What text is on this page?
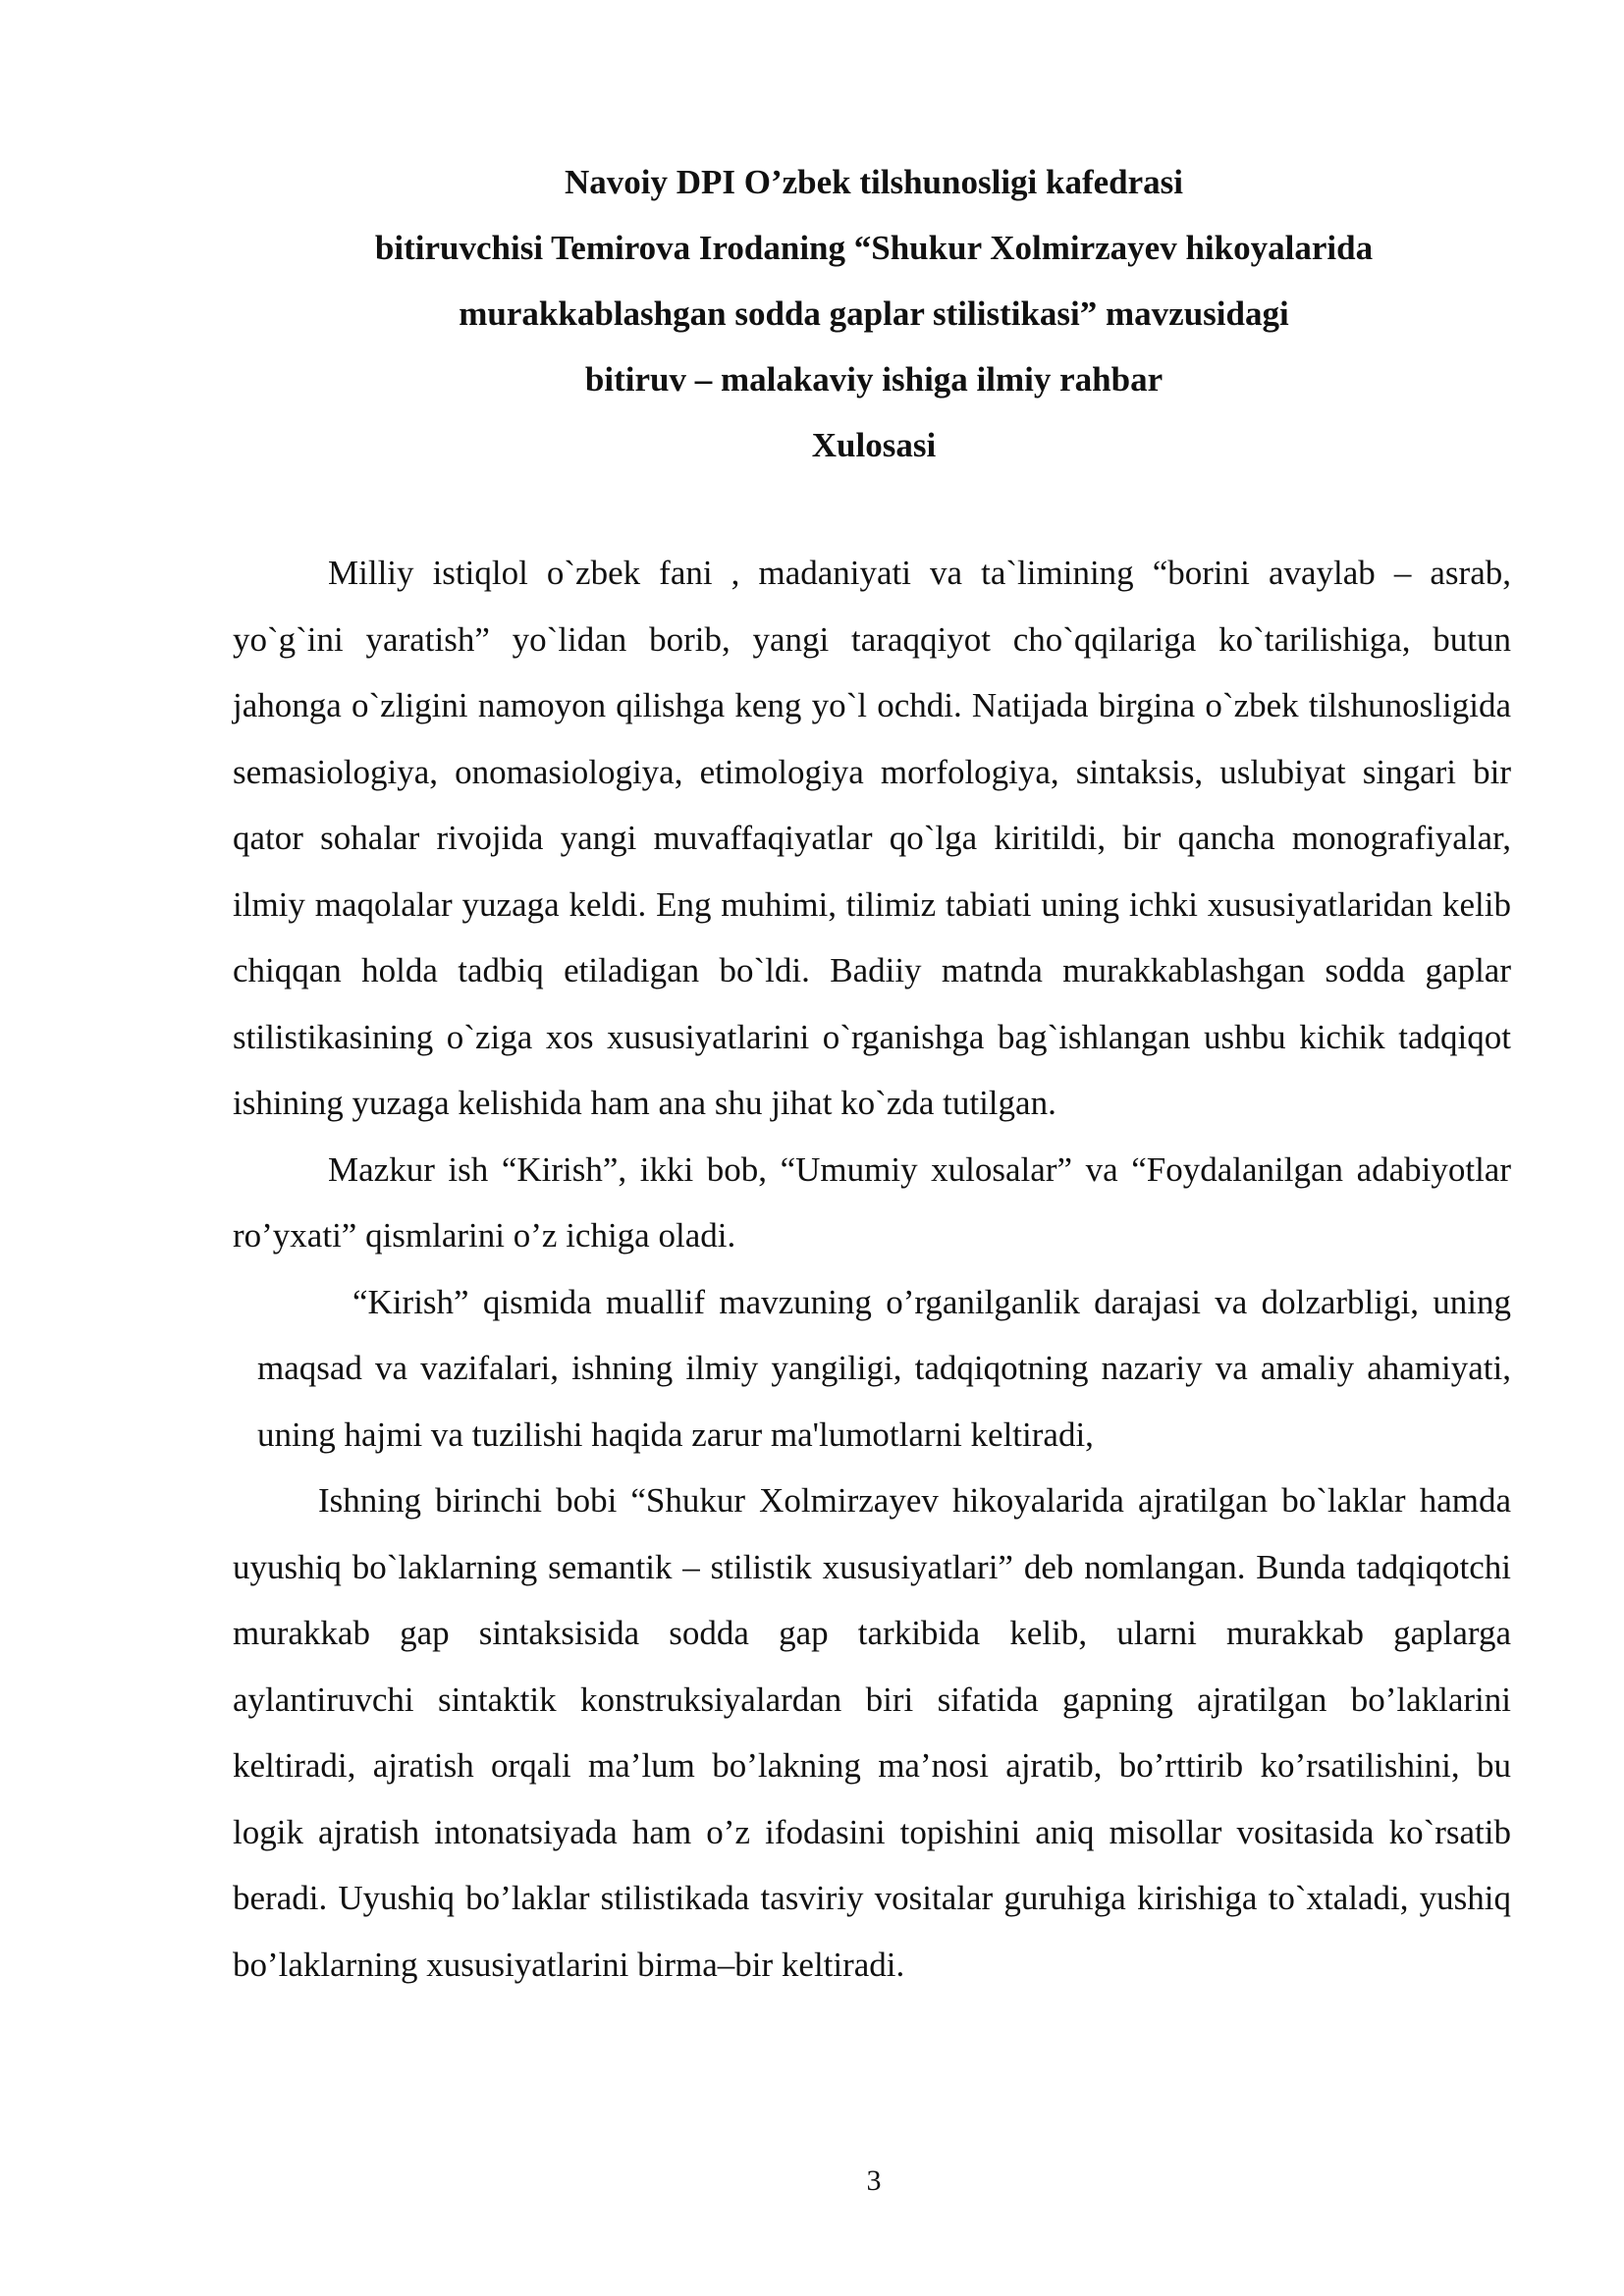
Navoiy DPI O’zbek tilshunosligi kafedrasi
bitiruvchisi Temirova Irodaning “Shukur Xolmirzayev hikoyalarida
murakkablashgan sodda gaplar stilistikasi” mavzusidagi
bitiruv – malakaviy ishiga ilmiy rahbar
Xulosasi

Milliy istiqlol o`zbek fani , madaniyati va ta`limining “borini avaylab – asrab, yo`g`ini yaratish” yo`lidan borib, yangi taraqqiyot cho`qqilariga ko`tarilishiga, butun jahonga o`zligini namoyon qilishga keng yo`l ochdi. Natijada birgina o`zbek tilshunosligida semasiologiya, onomasiologiya, etimologiya morfologiya, sintaksis, uslubiyat singari bir qator sohalar rivojida yangi muvaffaqiyatlar qo`lga kiritildi, bir qancha monografiyalar, ilmiy maqolalar yuzaga keldi. Eng muhimi, tilimiz tabiati uning ichki xususiyatlaridan kelib chiqqan holda tadbiq etiladigan bo`ldi. Badiiy matnda murakkablashgan sodda gaplar stilistikasining o`ziga xos xususiyatlarini o`rganishga bag`ishlangan ushbu kichik tadqiqot ishining yuzaga kelishida ham ana shu jihat ko`zda tutilgan.

Mazkur ish “Kirish”, ikki bob, “Umumiy xulosalar” va “Foydalanilgan adabiyotlar ro’yxati” qismlarini o’z ichiga oladi.

“Kirish” qismida muallif mavzuning o’rganilganlik darajasi va dolzarbligi, uning maqsad va vazifalari, ishning ilmiy yangiligi, tadqiqotning nazariy va amaliy ahamiyati, uning hajmi va tuzilishi haqida zarur ma'lumotlarni keltiradi,

Ishning birinchi bobi “Shukur Xolmirzayev hikoyalarida ajratilgan bo`laklar hamda uyushiq bo`laklarning semantik – stilistik xususiyatlari” deb nomlangan. Bunda tadqiqotchi murakkab gap sintaksisida sodda gap tarkibida kelib, ularni murakkab gaplarga aylantiruvchi sintaktik konstruksiyalardan biri sifatida gapning ajratilgan bo’laklarini keltiradi, ajratish orqali ma’lum bo’lakning ma’nosi ajratib, bo’rttirib ko’rsatilishini, bu logik ajratish intonatsiyada ham o’z ifodasini topishini aniq misollar vositasida ko`rsatib beradi. Uyushiq bo’laklar stilistikada tasviriy vositalar guruhiga kirishiga to`xtaladi, yushiq bo’laklarning xususiyatlarini birma–bir keltiradi.

3
